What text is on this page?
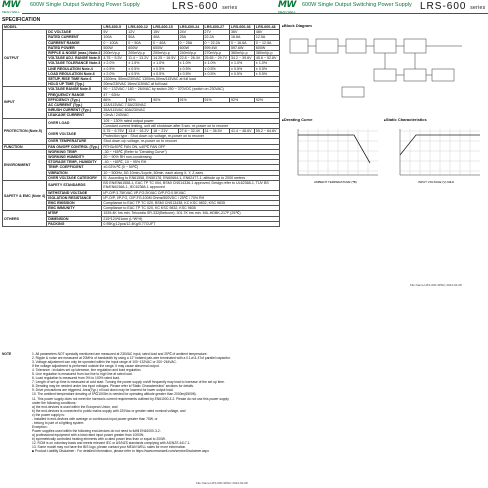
MW
MEAN WELL
600W Single Output Switching Power Supply	LRS-600 series	MW
MEAN WELL
600W Single Output Switching Power Supply LRS-600 series
SPECIFICATION
MODEL		LRS-600-5	LRS-600-12	LRS-600-15	LRS-600-24	LRS-600-27	LRS-600-36	LRS-600-48
OUTPUT	DC VOLTAGE	5V	12V	15V	24V	27V	36V	48V
	RATED CURRENT	100A	50A	40A	25A	22.2A	16.6A	12.5A
	CURRENT RANGE	0 ~ 100A	0 ~ 50A	0 ~ 40A	0 ~ 25A	0 ~ 22.2A	0 ~ 16.6A	0 ~ 12.5A
	RATED POWER	500W	600W	600W	600W	599.4W	597.6W	600W
	RIPPLE & NOISE (max.) Note.2	200mVp-p	200mVp-p	200mVp-p	240mVp-p	270mVp-p	360mVp-p	380mVp-p
	VOLTAGE ADJ. RANGE Note.5	4.75 ~ 5.5V	11.4 ~ 13.2V	14.25 ~ 16.5V	22.8 ~ 26.4V	25.65 ~ 29.7V	34.2 ~ 39.6V	45.6 ~ 52.8V
	VOLTAGE TOLERANCE Note.3	± 2.0%	± 1.5%	± 1.0%	± 1.0%	± 1.0%	± 1.0%	± 1.0%
	LINE REGULATION Note.4	± 0.5%	± 0.5%	± 0.5%	± 0.5%	± 0.5%	± 0.5%	± 0.5%
	LOAD REGULATION Note.6	± 2.0%	± 0.5%	± 0.5%	± 0.5%	± 0.5%	± 0.5%	± 0.5%
	SETUP, RISE TIME Note.6	1300ms, 50ms/230VAC 1300ms,50ms/115VAC at full load						
	HOLD UP TIME (Typ.)	20ms/230VAC 16ms/115VAC at full load						
INPUT	VOLTAGE RANGE Note.5	90 ~ 132VAC / 180 ~ 264VAC by switch 250 ~ 370VDC (switch on 230VAC)						
	FREQUENCY RANGE	47 ~ 63Hz						
	EFFICIENCY (Typ.)	86%	90%	90%	91%	91%	92%	92%
	AC CURRENT (Typ.)	12A/115VAC 7.5A/230VAC						
	INRUSH CURRENT (Typ.)	35A/115VAC 60A/230VAC						
	LEAKAGE CURRENT	<2mA / 240VAC						
PROTECTION (Note.5)	OVER LOAD	105 ~ 130% rated output power						
		Constant current limiting, unit will shutdown after 5 sec. re-power on to recover						
	OVER VOLTAGE	5.75 ~ 6.75V	13.8 ~ 16.2V	18 ~ 21V	27.6 ~ 32.4V	31 ~ 36.5V	41.4 ~ 48.6V	55.2 ~ 64.8V
		Protection type : Shut down o/p voltage, re-power on to recover						
	OVER TEMPERATURE	Shut down o/p voltage, re-power on to recover						
FUNCTION	FAN ON/OFF CONTROL (Typ.)	RTH3≥50℃ FAN ON, ≤40℃ FAN OFF						
ENVIRONMENT	WORKING TEMP.	-30 ~ +65℃ (Refer to "Derating Curve")						
	WORKING HUMIDITY	20 ~ 90% RH non-condensing						
	STORAGE TEMP., HUMIDITY	-40 ~ +85℃, 10 ~ 95% RH						
	TEMP. COEFFICIENT	±0.03%/℃ (0 ~ 50℃)						
	VIBRATION	10 ~ 500Hz, 5G 10min./1cycle, 60min. each along X, Y, Z axes						
	OVER VOLTAGE CATEGORY	III; According to EN61558, EN50178, EN60664-1, EN62477-1; altitude up to 2000 meters						
SAFETY & EMC (Note 4)	SAFETY STANDARDS	BS EN/EN61558-1, EAC TP TC 004, BSMI CNS14336-1 approved; Design refer to UL62368-1, TUV BS EN/EN62368-1, IEC62368-1 approved						
	WITHSTAND VOLTAGE	I/P-O/P:3.75KVAC I/P-FG:2KVAC O/P-FG:0.5KVAC						
	ISOLATION RESISTANCE	I/P-O/P, I/P-FG, O/P-FG:100M Ohms/500VDC / 25℃ / 70% RH						
	EMC EMISSION	Compliance to EAC TP TC 020, BSMI CNS13438, KC KSC 9832, KSC 9835						
	EMC IMMUNITY	Compliance to EAC TP TC 020, KC KSC 9832, KSC 9835						
OTHERS	MTBF	1539.4K hrs min. Telcordia SR-332(Bellcore); 301.7K hrs min. MIL-HDBK-217F (25℃)						
	DIMENSION	215*124*61mm (L*W*H)						
	PACKING	0.95Kg;12pcs/12.4Kg/0.77CUFT						
NOTE	1. All parameters NOT specially mentioned are measured at 230VAC input, rated load and 25℃ of ambient temperature.
2. Ripple & noise are measured at 20MHz of bandwidth by using a 12" twisted pair-wire terminated with a 0.1uf & 47uf parallel capacitor.
3. Voltage adjustment can only be operated within the input range of 100~132VAC or 200~264VAC.
If the voltage adjustment is performed outside the range, it may cause abnormal output.
4. Tolerance : includes set up tolerance, line regulation and load regulation.
5. Line regulation is measured from low line to high line at rated load.
6. Load regulation is measured from 0% to 100% rated load.
7. Length of set up time is measured at cold start. Turning the power supply on/off frequently may lead to increase of the set up time.
8. Derating may be needed under low input voltages. Please refer to"Static Characteristics" sections for details.
9. Drive precautions are triggered. Area(Typ.) of load down may be lowered for lower output load.
10. The ambient temperature derating of 5℃/1000m is needed for operating altitude greater than 2000m(6500ft).
11. This power supply does not meet the harmonic current requirements outlined by EN61000-3-2. Please do not use this power supply
under the following conditions:
a) the end-devices is used within the European Union, and
b) the end-devices is connected to public mains supply with 220Vac or greater rated nominal voltage, and
c) the power supply is:
- installed in end-devices with average or continuous input power greater than 75W, or
- belong to part of a lighting system
Exception :
Power supplies used within the following end-devices do not need to fulfill EN61000-3-2:
a) professional equipment with a total rated input power greater than 1000W;
b) symmetrically controlled heating elements with a rated power less than or equal to 200W.
12. ROM is on voluntary basis and meets relevant IEC or AS/NZS standards complying with AS/NZS 4417.1.
13. Some model may not have the BIS logo, please contact your MEAN WELL sales for more information.
■ Product Liability Disclaimer : For detailed information, please refer to https://www.meanwell.com/serviceDisclaimer.aspx
File Name:LRS-600-SPEC 2024-02-08
■ Block Diagram
■ Derating Curve
AMBIENT TEMPERATURE (℃)
■ Static Characteristics
INPUT VOLTAGE (V) 60Hz
File Name:LRS-600-SPEC 2024-02-08
